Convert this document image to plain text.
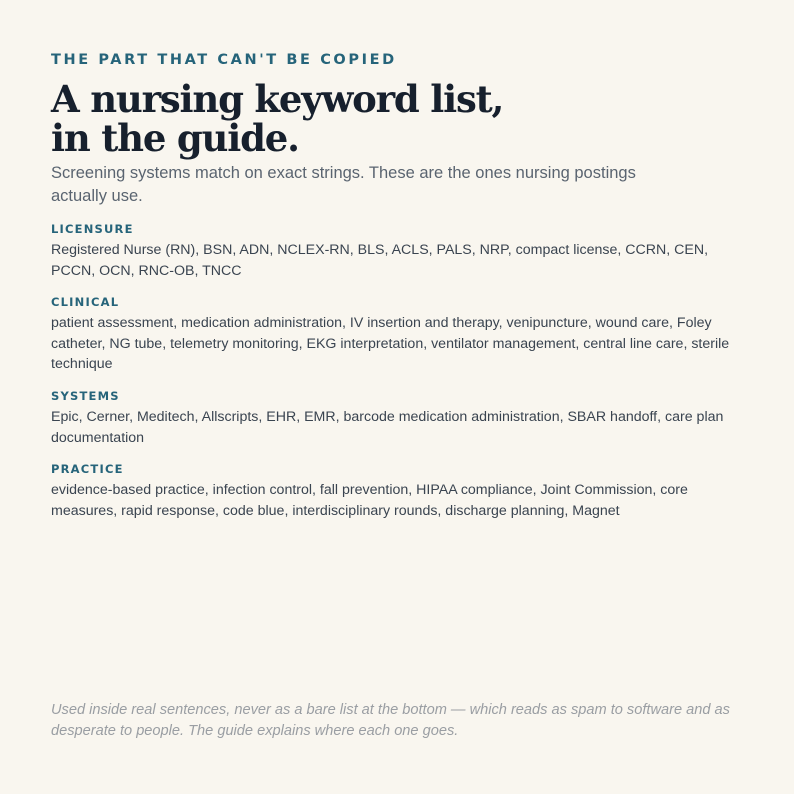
THE PART THAT CAN'T BE COPIED

A nursing keyword list,
in the guide.

Screening systems match on exact strings. These are the ones nursing postings actually use.

LICENSURE

Registered Nurse (RN), BSN, ADN, NCLEX-RN, BLS, ACLS, PALS, NRP, compact license, CCRN, CEN, PCCN, OCN, RNC-OB, TNCC

CLINICAL

patient assessment, medication administration, IV insertion and therapy, venipuncture, wound care, Foley catheter, NG tube, telemetry monitoring, EKG interpretation, ventilator management, central line care, sterile technique

SYSTEMS

Epic, Cerner, Meditech, Allscripts, EHR, EMR, barcode medication administration, SBAR handoff, care plan documentation

PRACTICE

evidence-based practice, infection control, fall prevention, HIPAA compliance, Joint Commission, core measures, rapid response, code blue, interdisciplinary rounds, discharge planning, Magnet

Used inside real sentences, never as a bare list at the bottom — which reads as spam to software and as desperate to people. The guide explains where each one goes.
